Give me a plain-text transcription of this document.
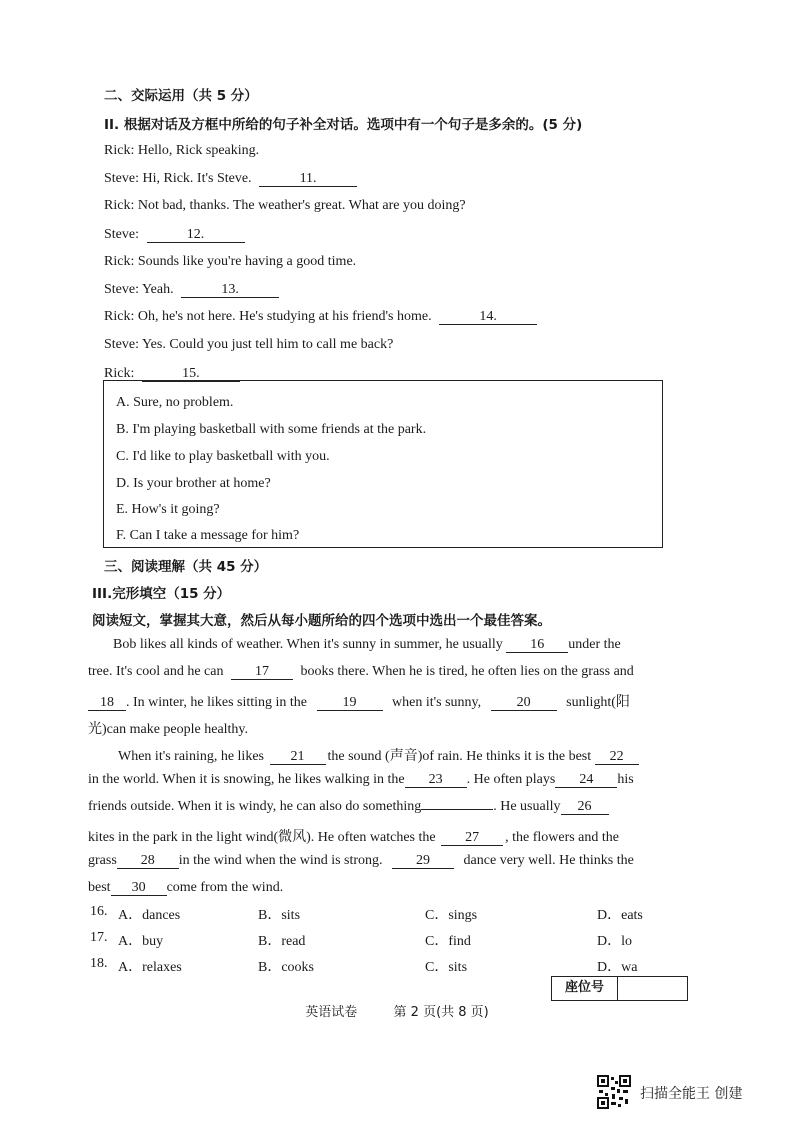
二、交际运用（共 5 分）
II. 根据对话及方框中所给的句子补全对话。选项中有一个句子是多余的。(5 分)
Rick: Hello, Rick speaking.
Steve: Hi, Rick. It's Steve.	11.
Rick: Not bad, thanks. The weather's great. What are you doing?
Steve:	12.
Rick: Sounds like you're having a good time.
Steve: Yeah.	13.
Rick: Oh, he's not here. He's studying at his friend's home.	14.
Steve: Yes. Could you just tell him to call me back?
Rick:	15.
A. Sure, no problem.
B. I'm playing basketball with some friends at the park.
C. I'd like to play basketball with you.
D. Is your brother at home?
E. How's it going?
F. Can I take a message for him?
三、阅读理解（共 45 分）
III.完形填空（15 分）
阅读短文，掌握其大意，然后从每小题所给的四个选项中选出一个最佳答案。
Bob likes all kinds of weather. When it's sunny in summer, he usually 16 under the
tree. It's cool and he can 17 books there. When he is tired, he often lies on the grass and
18 . In winter, he likes sitting in the	19	when it's sunny,	20	sunlight(阳
光)can make people healthy.
When it's raining, he likes 21 the sound (声音)of rain. He thinks it is the best 22
in the world. When it is snowing, he likes walking in the 23 . He often plays 24 his
friends outside. When it is windy, he can also do something	. He usually 26
kites in the park in the light wind(微风). He often watches the 27 , the flowers and the
grass 28 in the wind when the wind is strong. 29 dance very well. He thinks the
best 30 come from the wind.
16. A．dances	B．sits	C．sings	D．eats
17. A．buy	B．read	C．find	D．lo
18. A．relaxes	B．cooks	C．sits	D．wa
座位号
英语试卷	第 2 页(共 8 页)
扫描全能王 创建
